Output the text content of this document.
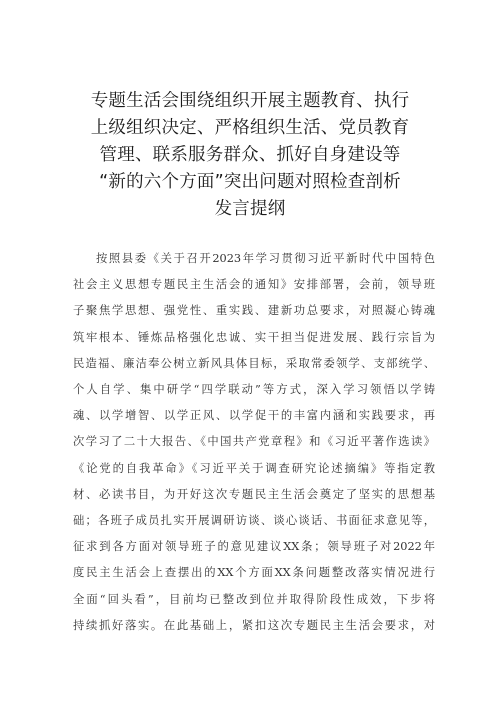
专题生活会围绕组织开展主题教育、执行
上级组织决定、严格组织生活、党员教育
管理、联系服务群众、抓好自身建设等
“新的六个方面”突出问题对照检查剖析
发言提纲
按照县委《关于召开2023年学习贯彻习近平新时代中国特色
社会主义思想专题民主生活会的通知》安排部署，会前，领导班
子聚焦学思想、强党性、重实践、建新功总要求，对照凝心铸魂
筑牢根本、锤炼品格强化忠诚、实干担当促进发展、践行宗旨为
民造福、廉洁奉公树立新风具体目标，采取常委领学、支部统学、
个人自学、集中研学“四学联动”等方式，深入学习领悟以学铸
魂、以学增智、以学正风、以学促干的丰富内涵和实践要求，再
次学习了二十大报告、《中国共产党章程》和《习近平著作选读》
《论党的自我革命》《习近平关于调查研究论述摘编》等指定教
材、必读书目，为开好这次专题民主生活会奠定了坚实的思想基
础；各班子成员扎实开展调研访谈、谈心谈话、书面征求意见等，
征求到各方面对领导班子的意见建议XX条；领导班子对2022年
度民主生活会上查摆出的XX个方面XX条问题整改落实情况进行
全面“回头看”，目前均已整改到位并取得阶段性成效，下步将
持续抓好落实。在此基础上，紧扣这次专题民主生活会要求，对
